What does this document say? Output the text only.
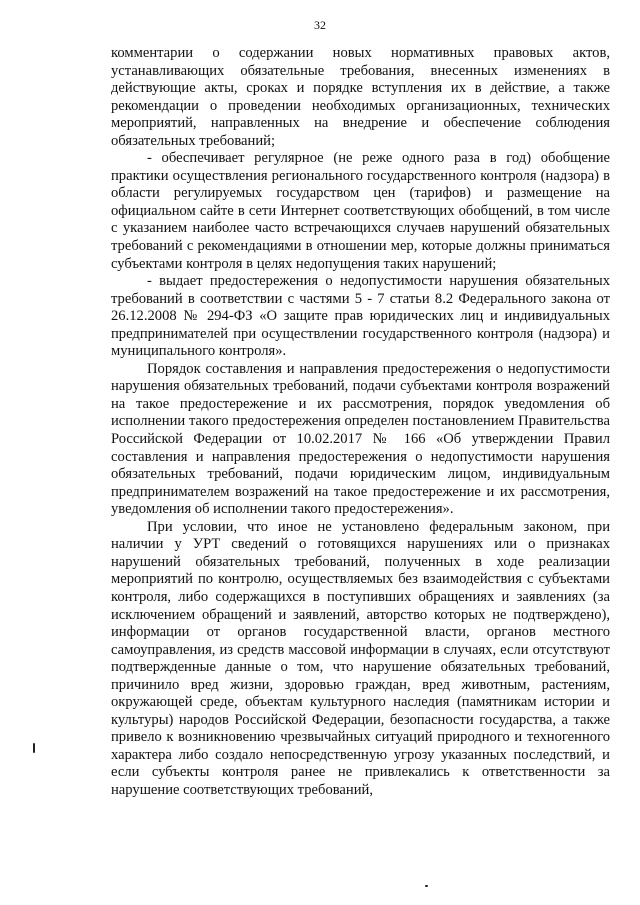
32

комментарии о содержании новых нормативных правовых актов, устанавливающих обязательные требования, внесенных изменениях в действующие акты, сроках и порядке вступления их в действие, а также рекомендации о проведении необходимых организационных, технических мероприятий, направленных на внедрение и обеспечение соблюдения обязательных требований;

- обеспечивает регулярное (не реже одного раза в год) обобщение практики осуществления регионального государственного контроля (надзора) в области регулируемых государством цен (тарифов) и размещение на официальном сайте в сети Интернет соответствующих обобщений, в том числе с указанием наиболее часто встречающихся случаев нарушений обязательных требований с рекомендациями в отношении мер, которые должны приниматься субъектами контроля в целях недопущения таких нарушений;

- выдает предостережения о недопустимости нарушения обязательных требований в соответствии с частями 5 - 7 статьи 8.2 Федерального закона от 26.12.2008 № 294-ФЗ «О защите прав юридических лиц и индивидуальных предпринимателей при осуществлении государственного контроля (надзора) и муниципального контроля».

Порядок составления и направления предостережения о недопустимости нарушения обязательных требований, подачи субъектами контроля возражений на такое предостережение и их рассмотрения, порядок уведомления об исполнении такого предостережения определен постановлением Правительства Российской Федерации от 10.02.2017 № 166 «Об утверждении Правил составления и направления предостережения о недопустимости нарушения обязательных требований, подачи юридическим лицом, индивидуальным предпринимателем возражений на такое предостережение и их рассмотрения, уведомления об исполнении такого предостережения».

При условии, что иное не установлено федеральным законом, при наличии у УРТ сведений о готовящихся нарушениях или о признаках нарушений обязательных требований, полученных в ходе реализации мероприятий по контролю, осуществляемых без взаимодействия с субъектами контроля, либо содержащихся в поступивших обращениях и заявлениях (за исключением обращений и заявлений, авторство которых не подтверждено), информации от органов государственной власти, органов местного самоуправления, из средств массовой информации в случаях, если отсутствуют подтвержденные данные о том, что нарушение обязательных требований, причинило вред жизни, здоровью граждан, вред животным, растениям, окружающей среде, объектам культурного наследия (памятникам истории и культуры) народов Российской Федерации, безопасности государства, а также привело к возникновению чрезвычайных ситуаций природного и техногенного характера либо создало непосредственную угрозу указанных последствий, и если субъекты контроля ранее не привлекались к ответственности за нарушение соответствующих требований,
